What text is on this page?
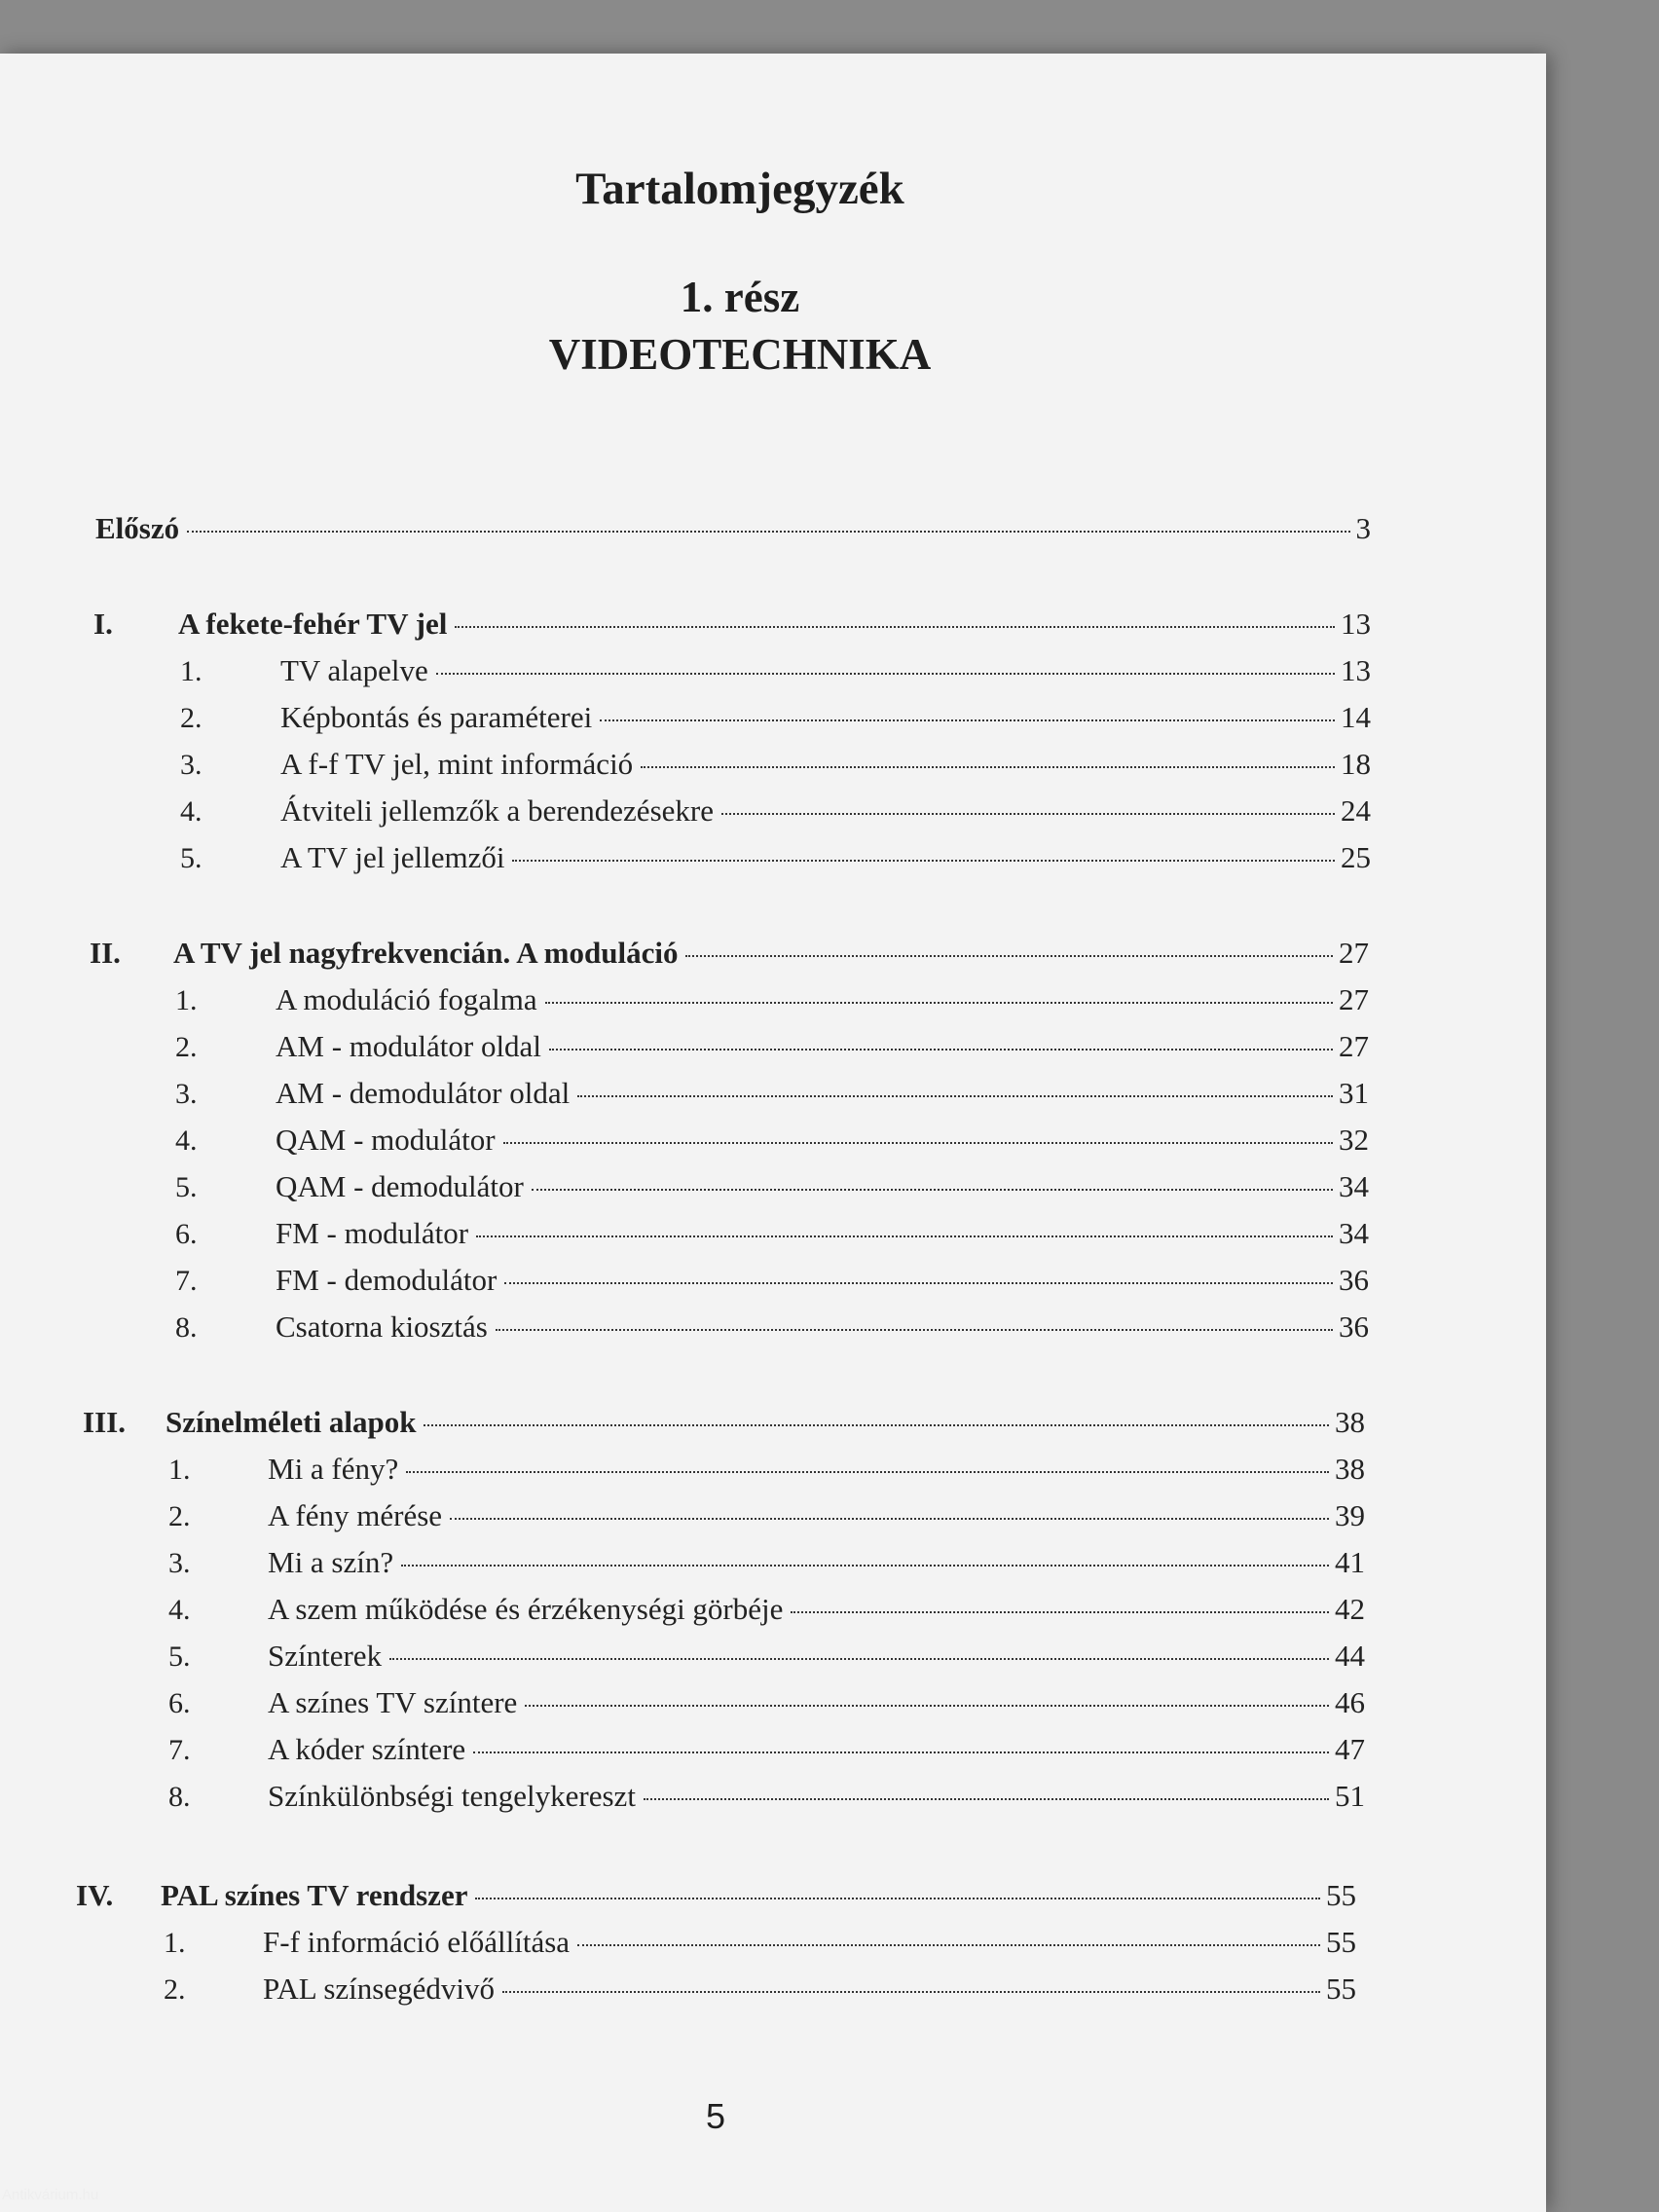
Tartalomjegyzék
1. rész
VIDEOTECHNIKA
Előszó	3
I. A fekete-fehér TV jel	13
1.	TV alapelve	13
2.	Képbontás és paraméterei	14
3.	A f-f TV jel, mint információ	18
4.	Átviteli jellemzők a berendezésekre	24
5.	A TV jel jellemzői	25
II. A TV jel nagyfrekvencián. A moduláció	27
1.	A moduláció fogalma	27
2.	AM - modulátor oldal	27
3.	AM - demodulátor oldal	31
4.	QAM - modulátor	32
5.	QAM - demodulátor	34
6.	FM - modulátor	34
7.	FM - demodulátor	36
8.	Csatorna kiosztás	36
III. Színelméleti alapok	38
1.	Mi a fény?	38
2.	A fény mérése	39
3.	Mi a szín?	41
4.	A szem működése és érzékenységi görbéje	42
5.	Színterek	44
6.	A színes TV színtere	46
7.	A kóder színtere	47
8.	Színkülönbségi tengelykereszt	51
IV. PAL színes TV rendszer	55
1.	F-f információ előállítása	55
2.	PAL színsegédvivő	55
5
Antikvárium.hu
